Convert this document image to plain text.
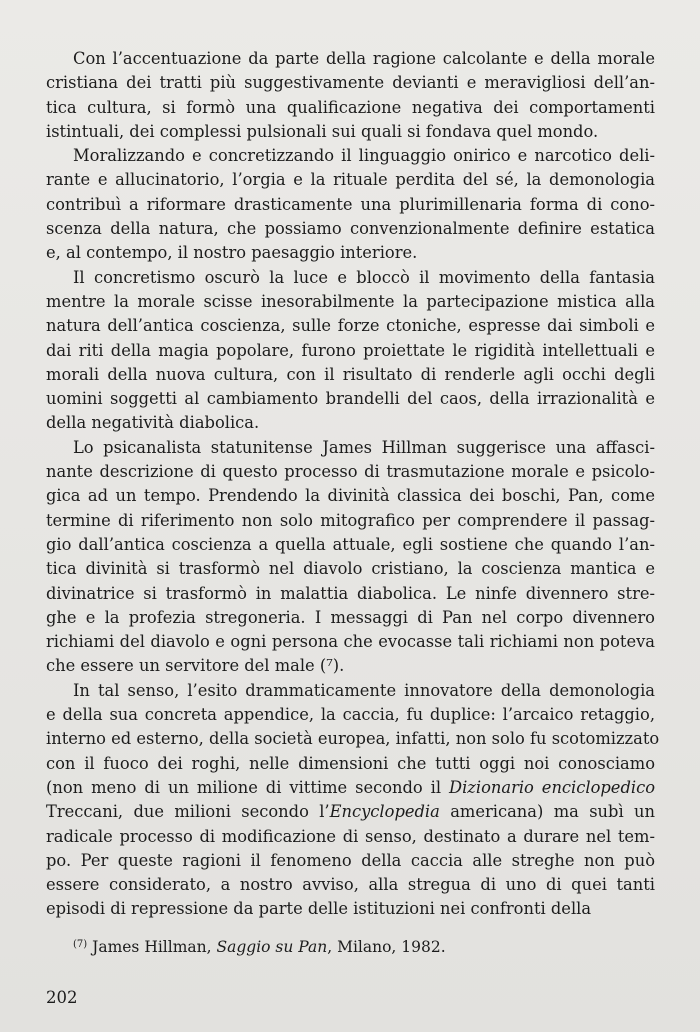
Con l’accentuazione da parte della ragione calcolante e della morale
cristiana dei tratti più suggestivamente devianti e meravigliosi dell’an-
tica cultura, si formò una qualificazione negativa dei comportamenti
istintuali, dei complessi pulsionali sui quali si fondava quel mondo.
Moralizzando e concretizzando il linguaggio onirico e narcotico deli-
rante e allucinatorio, l’orgia e la rituale perdita del sé, la demonologia
contribuì a riformare drasticamente una plurimillenaria forma di cono-
scenza della natura, che possiamo convenzionalmente definire estatica
e, al contempo, il nostro paesaggio interiore.
Il concretismo oscurò la luce e bloccò il movimento della fantasia
mentre la morale scisse inesorabilmente la partecipazione mistica alla
natura dell’antica coscienza, sulle forze ctoniche, espresse dai simboli e
dai riti della magia popolare, furono proiettate le rigidità intellettuali e
morali della nuova cultura, con il risultato di renderle agli occhi degli
uomini soggetti al cambiamento brandelli del caos, della irrazionalità e
della negatività diabolica.
Lo psicanalista statunitense James Hillman suggerisce una affasci-
nante descrizione di questo processo di trasmutazione morale e psicolo-
gica ad un tempo. Prendendo la divinità classica dei boschi, Pan, come
termine di riferimento non solo mitografico per comprendere il passag-
gio dall’antica coscienza a quella attuale, egli sostiene che quando l’an-
tica divinità si trasformò nel diavolo cristiano, la coscienza mantica e
divinatrice si trasformò in malattia diabolica. Le ninfe divennero stre-
ghe e la profezia stregoneria. I messaggi di Pan nel corpo divennero
richiami del diavolo e ogni persona che evocasse tali richiami non poteva
che essere un servitore del male (⁷).
In tal senso, l’esito drammaticamente innovatore della demonologia
e della sua concreta appendice, la caccia, fu duplice: l’arcaico retaggio,
interno ed esterno, della società europea, infatti, non solo fu scotomizzato
con il fuoco dei roghi, nelle dimensioni che tutti oggi noi conosciamo
(non meno di un milione di vittime secondo il Dizionario enciclopedico
Treccani, due milioni secondo l’Encyclopedia americana) ma subì un
radicale processo di modificazione di senso, destinato a durare nel tem-
po. Per queste ragioni il fenomeno della caccia alle streghe non può
essere considerato, a nostro avviso, alla stregua di uno di quei tanti
episodi di repressione da parte delle istituzioni nei confronti della
$^{(7)}$ James Hillman, Saggio su Pan, Milano, 1982.
202
